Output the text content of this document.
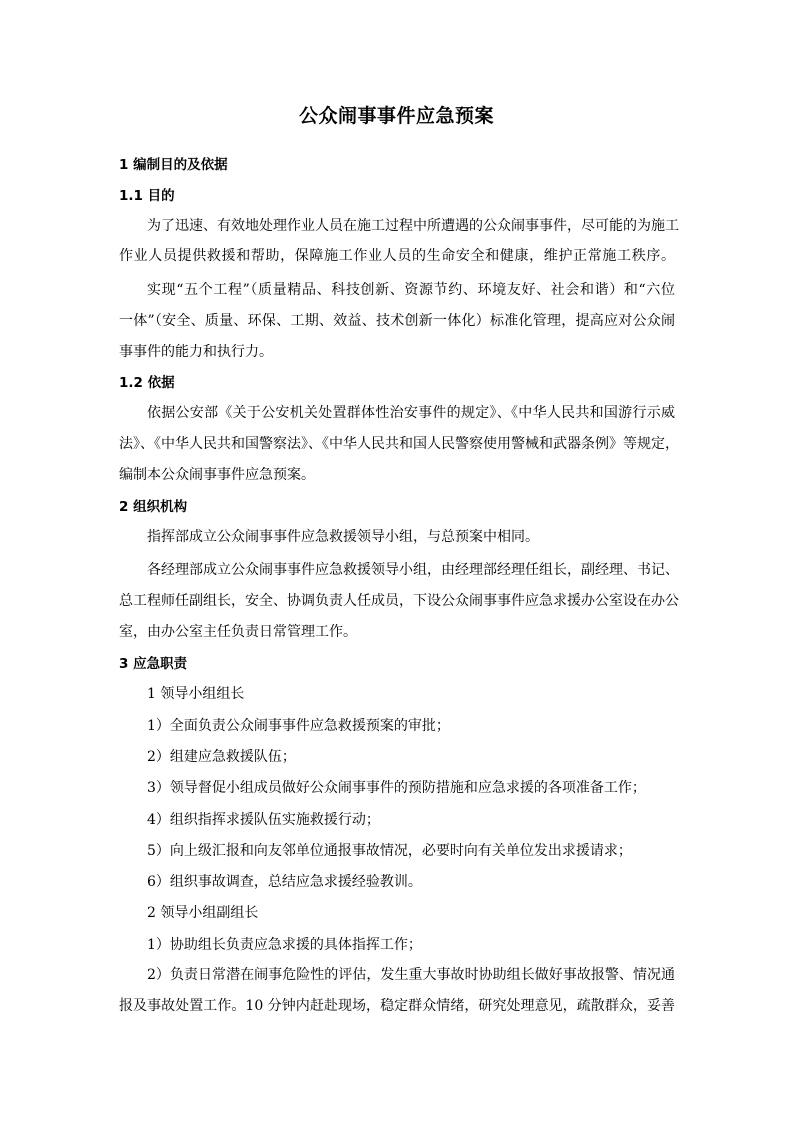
公众闹事事件应急预案
1 编制目的及依据
1.1 目的
为了迅速、有效地处理作业人员在施工过程中所遭遇的公众闹事事件，尽可能的为施工
作业人员提供救援和帮助，保障施工作业人员的生命安全和健康，维护正常施工秩序。
实现“五个工程”（质量精品、科技创新、资源节约、环境友好、社会和谐）和“六位
一体”（安全、质量、环保、工期、效益、技术创新一体化）标准化管理，提高应对公众闹
事事件的能力和执行力。
1.2 依据
依据公安部《关于公安机关处置群体性治安事件的规定》、《中华人民共和国游行示威
法》、《中华人民共和国警察法》、《中华人民共和国人民警察使用警械和武器条例》等规定，
编制本公众闹事事件应急预案。
2 组织机构
指挥部成立公众闹事事件应急救援领导小组，与总预案中相同。
各经理部成立公众闹事事件应急救援领导小组，由经理部经理任组长，副经理、书记、
总工程师任副组长，安全、协调负责人任成员，下设公众闹事事件应急求援办公室设在办公
室，由办公室主任负责日常管理工作。
3 应急职责
1 领导小组组长
1）全面负责公众闹事事件应急救援预案的审批；
2）组建应急救援队伍；
3）领导督促小组成员做好公众闹事事件的预防措施和应急求援的各项准备工作；
4）组织指挥求援队伍实施救援行动；
5）向上级汇报和向友邻单位通报事故情况，必要时向有关单位发出求援请求；
6）组织事故调查，总结应急求援经验教训。
2 领导小组副组长
1）协助组长负责应急求援的具体指挥工作；
2）负责日常潜在闹事危险性的评估，发生重大事故时协助组长做好事故报警、情况通
报及事故处置工作。10 分钟内赶赴现场，稳定群众情绪，研究处理意见，疏散群众，妥善
